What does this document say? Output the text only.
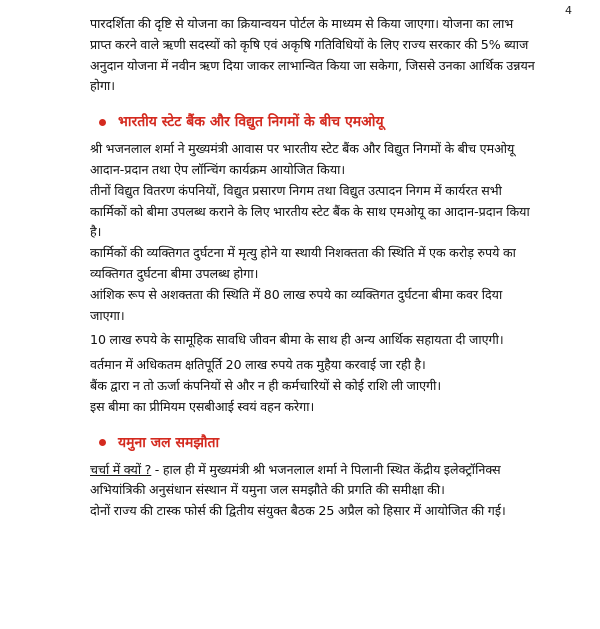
4

पारदर्शिता की दृष्टि से योजना का क्रियान्वयन पोर्टल के माध्यम से किया जाएगा। योजना का लाभ प्राप्त करने वाले ऋणी सदस्यों को कृषि एवं अकृषि गतिविधियों के लिए राज्य सरकार की 5% ब्याज अनुदान योजना में नवीन ऋण दिया जाकर लाभान्वित किया जा सकेगा, जिससे उनका आर्थिक उन्नयन होगा।

भारतीय स्टेट बैंक और विद्युत निगमों के बीच एमओयू

श्री भजनलाल शर्मा ने मुख्यमंत्री आवास पर भारतीय स्टेट बैंक और विद्युत निगमों के बीच एमओयू आदान-प्रदान तथा ऐप लॉन्चिंग कार्यक्रम आयोजित किया।

तीनों विद्युत वितरण कंपनियों, विद्युत प्रसारण निगम तथा विद्युत उत्पादन निगम में कार्यरत सभी कार्मिकों को बीमा उपलब्ध कराने के लिए भारतीय स्टेट बैंक के साथ एमओयू का आदान-प्रदान किया है।

कार्मिकों की व्यक्तिगत दुर्घटना में मृत्यु होने या स्थायी निशक्तता की स्थिति में एक करोड़ रुपये का व्यक्तिगत दुर्घटना बीमा उपलब्ध होगा।

आंशिक रूप से अशक्तता की स्थिति में 80 लाख रुपये का व्यक्तिगत दुर्घटना बीमा कवर दिया जाएगा।

10 लाख रुपये के सामूहिक सावधि जीवन बीमा के साथ ही अन्य आर्थिक सहायता दी जाएगी।

वर्तमान में अधिकतम क्षतिपूर्ति 20 लाख रुपये तक मुहैया करवाई जा रही है।

बैंक द्वारा न तो ऊर्जा कंपनियों से और न ही कर्मचारियों से कोई राशि ली जाएगी।

इस बीमा का प्रीमियम एसबीआई स्वयं वहन करेगा।

यमुना जल समझौता

चर्चा में क्यों ? - हाल ही में मुख्यमंत्री श्री भजनलाल शर्मा ने पिलानी स्थित केंद्रीय इलेक्ट्रॉनिक्स अभियांत्रिकी अनुसंधान संस्थान में यमुना जल समझौते की प्रगति की समीक्षा की।

दोनों राज्य की टास्क फोर्स की द्वितीय संयुक्त बैठक 25 अप्रैल को हिसार में आयोजित की गई।
